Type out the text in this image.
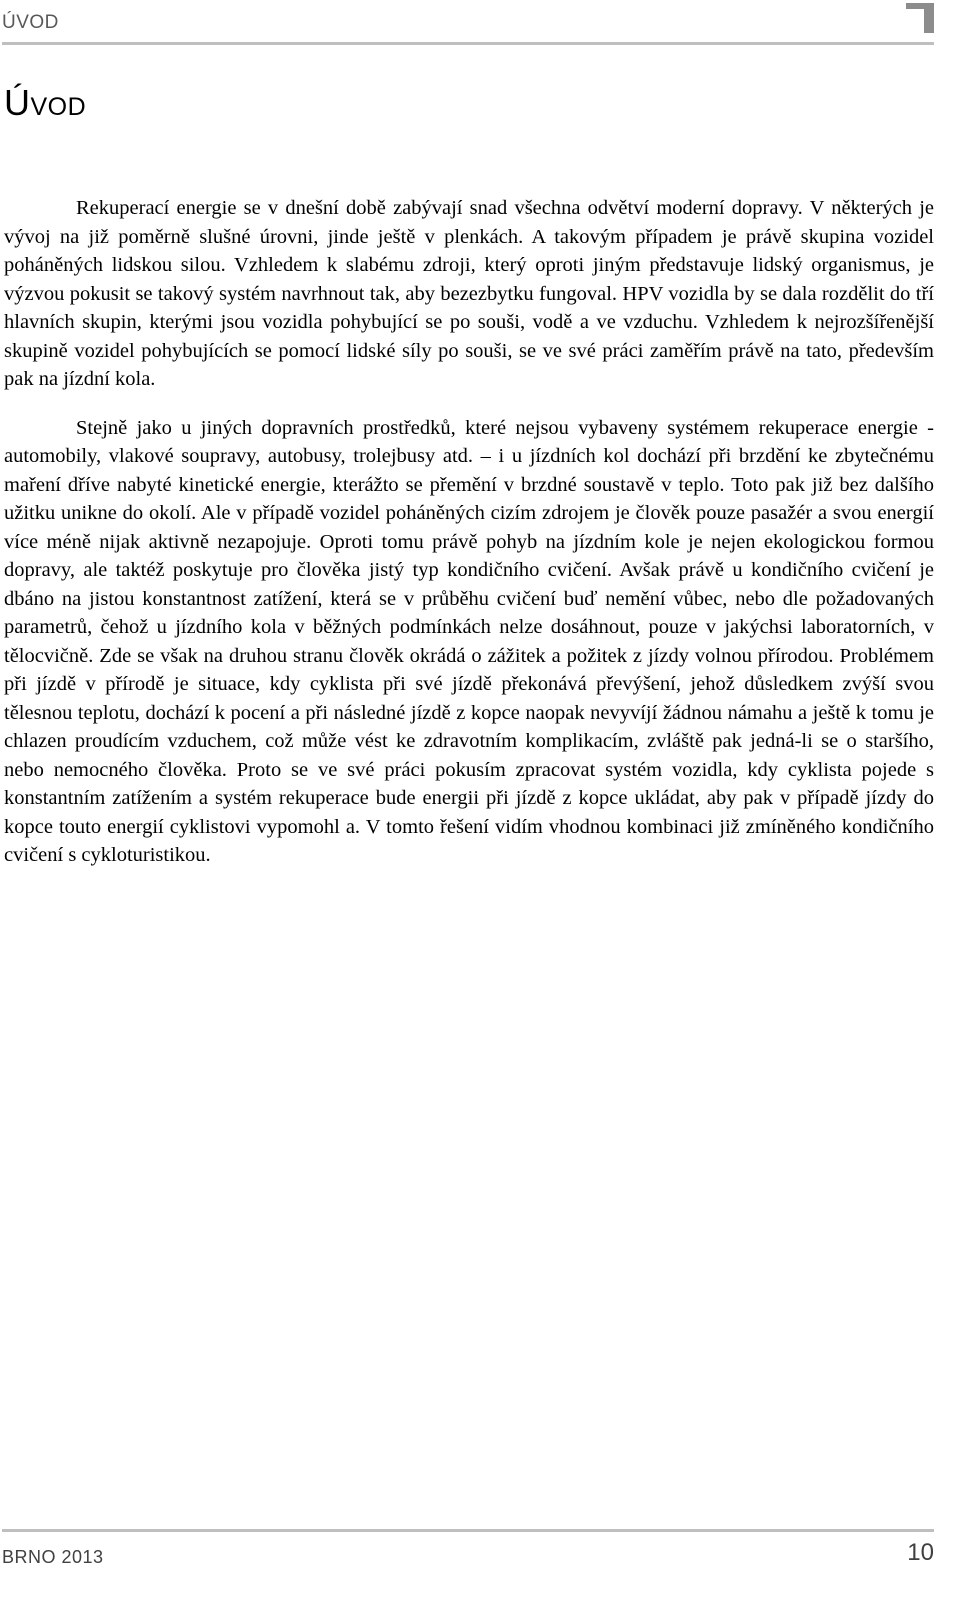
ÚVOD
Úvod

Rekuperací energie se v dnešní době zabývají snad všechna odvětví moderní dopravy. V některých je vývoj na již poměrně slušné úrovni, jinde ještě v plenkách. A takovým případem je právě skupina vozidel poháněných lidskou silou. Vzhledem k slabému zdroji, který oproti jiným představuje lidský organismus, je výzvou pokusit se takový systém navrhnout tak, aby bezezbytku fungoval. HPV vozidla by se dala rozdělit do tří hlavních skupin, kterými jsou vozidla pohybující se po souši, vodě a ve vzduchu. Vzhledem k nejrozšířenější skupině vozidel pohybujících se pomocí lidské síly po souši, se ve své práci zaměřím právě na tato, především pak na jízdní kola.

Stejně jako u jiných dopravních prostředků, které nejsou vybaveny systémem rekuperace energie - automobily, vlakové soupravy, autobusy, trolejbusy atd. – i u jízdních kol dochází při brzdění ke zbytečnému maření dříve nabyté kinetické energie, kterážto se přemění v brzdné soustavě v teplo. Toto pak již bez dalšího užitku unikne do okolí. Ale v případě vozidel poháněných cizím zdrojem je člověk pouze pasažér a svou energií více méně nijak aktivně nezapojuje. Oproti tomu právě pohyb na jízdním kole je nejen ekologickou formou dopravy, ale taktéž poskytuje pro člověka jistý typ kondičního cvičení. Avšak právě u kondičního cvičení je dbáno na jistou konstantnost zatížení, která se v průběhu cvičení buď nemění vůbec, nebo dle požadovaných parametrů, čehož u jízdního kola v běžných podmínkách nelze dosáhnout, pouze v jakýchsi laboratorních, v tělocvičně. Zde se však na druhou stranu člověk okrádá o zážitek a požitek z jízdy volnou přírodou. Problémem při jízdě v přírodě je situace, kdy cyklista při své jízdě překonává převýšení, jehož důsledkem zvýší svou tělesnou teplotu, dochází k pocení a při následné jízdě z kopce naopak nevyvíjí žádnou námahu a ještě k tomu je chlazen proudícím vzduchem, což může vést ke zdravotním komplikacím, zvláště pak jedná-li se o staršího, nebo nemocného člověka. Proto se ve své práci pokusím zpracovat systém vozidla, kdy cyklista pojede s konstantním zatížením a systém rekuperace bude energii při jízdě z kopce ukládat, aby pak v případě jízdy do kopce touto energií cyklistovi vypomohl a. V tomto řešení vidím vhodnou kombinaci již zmíněného kondičního cvičení s cykloturistikou.

BRNO 2013	10
